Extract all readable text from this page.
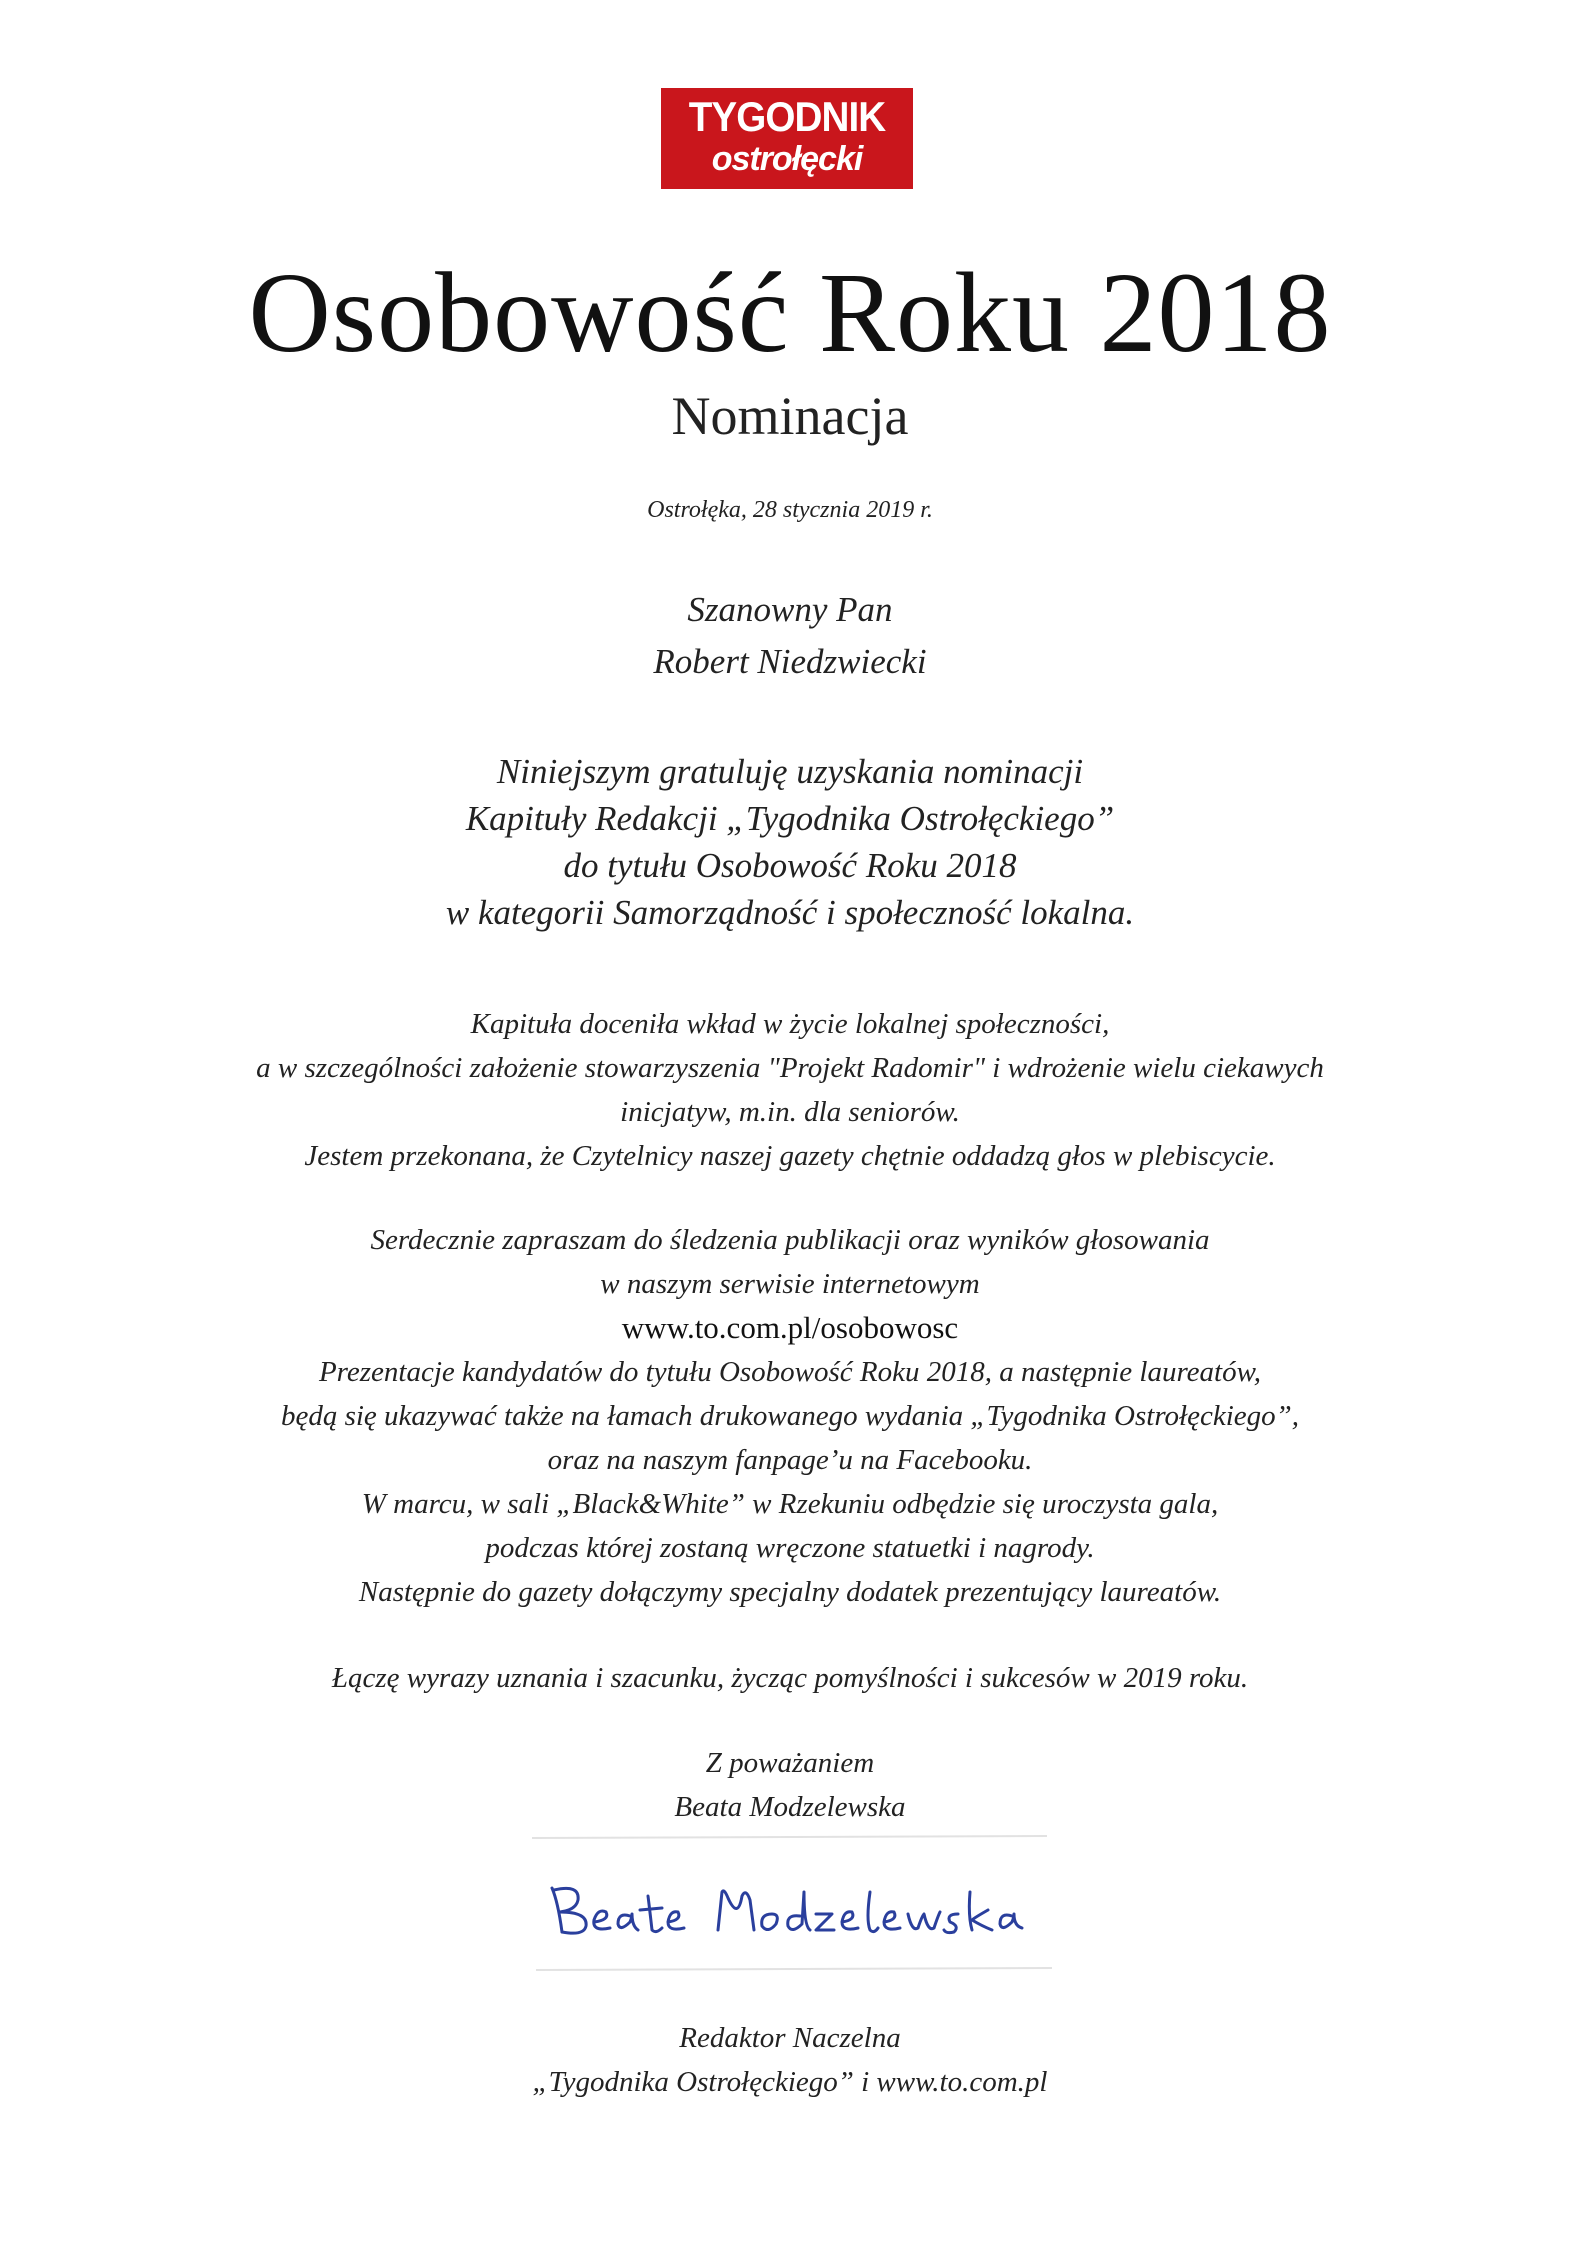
TYGODNIK
ostrołęcki
Osobowość Roku 2018
Nominacja
Ostrołęka, 28 stycznia 2019 r.
Szanowny Pan
Robert Niedzwiecki
Niniejszym gratuluję uzyskania nominacji
Kapituły Redakcji „Tygodnika Ostrołęckiego”
do tytułu Osobowość Roku 2018
w kategorii Samorządność i społeczność lokalna.
Kapituła doceniła wkład w życie lokalnej społeczności,
a w szczególności założenie stowarzyszenia "Projekt Radomir" i wdrożenie wielu ciekawych
inicjatyw, m.in. dla seniorów.
Jestem przekonana, że Czytelnicy naszej gazety chętnie oddadzą głos w plebiscycie.
Serdecznie zapraszam do śledzenia publikacji oraz wyników głosowania
w naszym serwisie internetowym
www.to.com.pl/osobowosc
Prezentacje kandydatów do tytułu Osobowość Roku 2018, a następnie laureatów,
będą się ukazywać także na łamach drukowanego wydania „Tygodnika Ostrołęckiego”,
oraz na naszym fanpage’u na Facebooku.
W marcu, w sali „Black&White” w Rzekuniu odbędzie się uroczysta gala,
podczas której zostaną wręczone statuetki i nagrody.
Następnie do gazety dołączymy specjalny dodatek prezentujący laureatów.
Łączę wyrazy uznania i szacunku, życząc pomyślności i sukcesów w 2019 roku.
Z poważaniem
Beata Modzelewska
Redaktor Naczelna
„Tygodnika Ostrołęckiego” i www.to.com.pl
